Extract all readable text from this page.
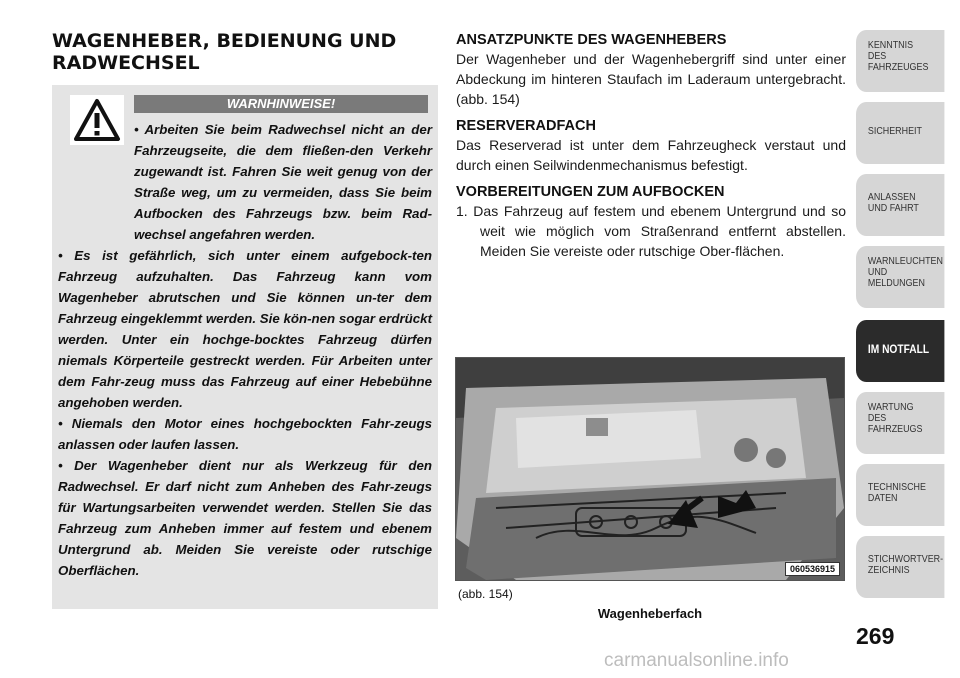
WAGENHEBER, BEDIENUNG UND RADWECHSEL
WARNHINWEISE!

• Arbeiten Sie beim Radwechsel nicht an der Fahrzeugseite, die dem fließen-den Verkehr zugewandt ist. Fahren Sie weit genug von der Straße weg, um zu vermeiden, dass Sie beim Aufbocken des Fahrzeugs bzw. beim Rad-wechsel angefahren werden.

• Es ist gefährlich, sich unter einem aufgebock-ten Fahrzeug aufzuhalten. Das Fahrzeug kann vom Wagenheber abrutschen und Sie können un-ter dem Fahrzeug eingeklemmt werden. Sie kön-nen sogar erdrückt werden. Unter ein hochge-bocktes Fahrzeug dürfen niemals Körperteile gestreckt werden. Für Arbeiten unter dem Fahr-zeug muss das Fahrzeug auf einer Hebebühne angehoben werden.

• Niemals den Motor eines hochgebockten Fahr-zeugs anlassen oder laufen lassen.

• Der Wagenheber dient nur als Werkzeug für den Radwechsel. Er darf nicht zum Anheben des Fahr-zeugs für Wartungsarbeiten verwendet werden. Stellen Sie das Fahrzeug zum Anheben immer auf festem und ebenem Untergrund ab. Meiden Sie vereiste oder rutschige Oberflächen.

ANSATZPUNKTE DES WAGENHEBERS

Der Wagenheber und der Wagenhebergriff sind unter einer Abdeckung im hinteren Staufach im Laderaum untergebracht. (abb. 154)

RESERVERADFACH

Das Reserverad ist unter dem Fahrzeugheck verstaut und durch einen Seilwindenmechanismus befestigt.

VORBEREITUNGEN ZUM AUFBOCKEN

1. Das Fahrzeug auf festem und ebenem Untergrund und so weit wie möglich vom Straßenrand entfernt abstellen. Meiden Sie vereiste oder rutschige Ober-flächen.

060536915
(abb. 154)
Wagenheberfach
KENNTNIS
DES
FAHRZEUGES
SICHERHEIT
ANLASSEN
UND FAHRT
WARNLEUCHTEN
UND
MELDUNGEN
IM NOTFALL
WARTUNG
DES
FAHRZEUGS
TECHNISCHE
DATEN
STICHWORTVER-
ZEICHNIS
269
carmanualsonline.info
